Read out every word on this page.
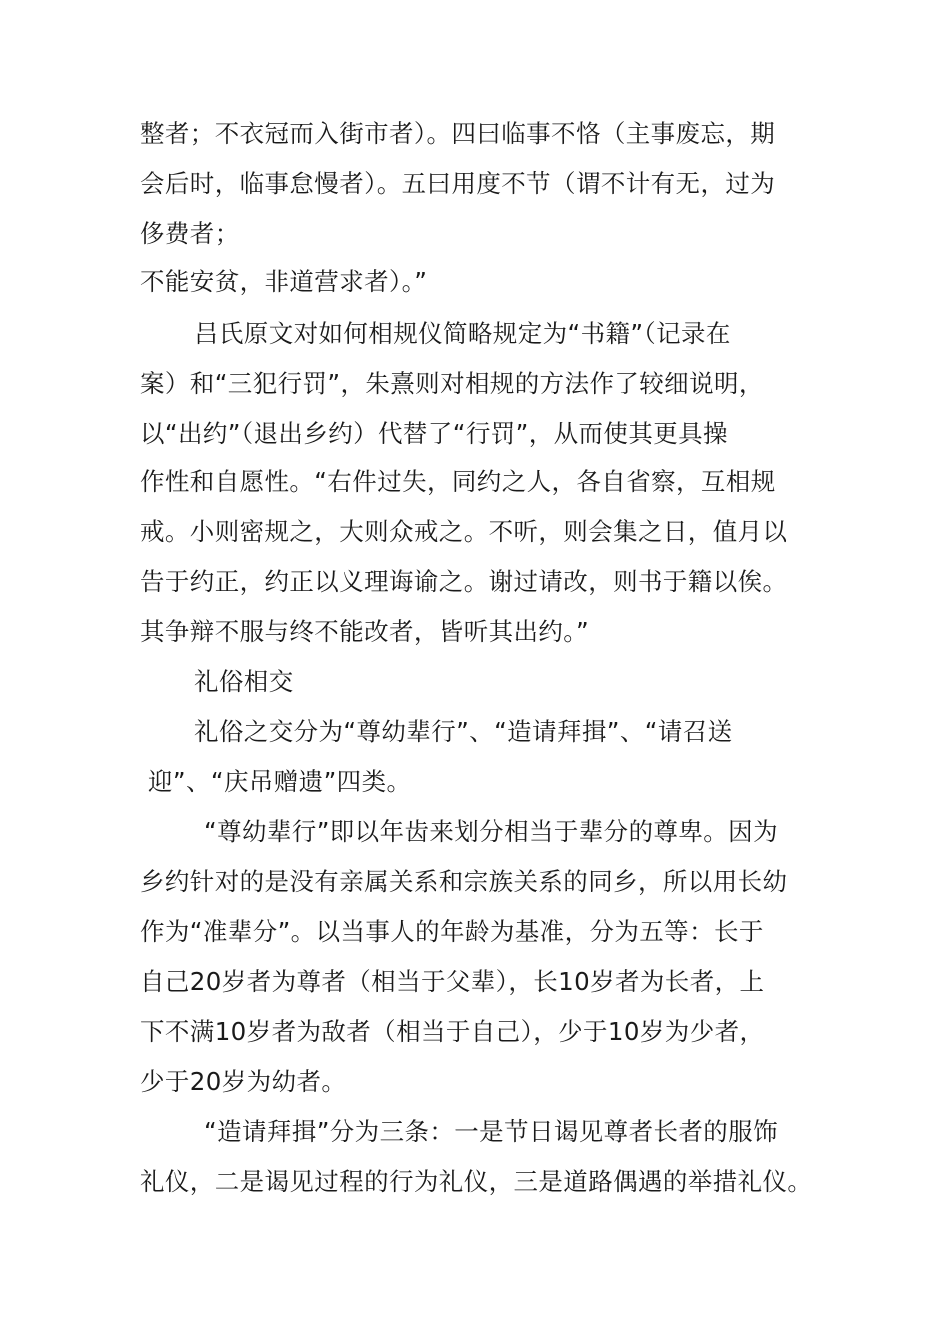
整者；不衣冠而入街市者）。四曰临事不恪（主事废忘，期
会后时，临事怠慢者）。五曰用度不节（谓不计有无，过为
侈费者；
不能安贫，非道营求者）。”
吕氏原文对如何相规仪简略规定为“书籍”（记录在
案）和“三犯行罚”，朱熹则对相规的方法作了较细说明，
以“出约”（退出乡约）代替了“行罚”，从而使其更具操
作性和自愿性。“右件过失，同约之人，各自省察，互相规
戒。小则密规之，大则众戒之。不听，则会集之日，值月以
告于约正，约正以义理诲谕之。谢过请改，则书于籍以俟。
其争辩不服与终不能改者，皆听其出约。”
礼俗相交
礼俗之交分为“尊幼辈行”、“造请拜揖”、“请召送
迎”、“庆吊赠遗”四类。
“尊幼辈行”即以年齿来划分相当于辈分的尊卑。因为
乡约针对的是没有亲属关系和宗族关系的同乡，所以用长幼
作为“准辈分”。以当事人的年龄为基准，分为五等：长于
自己20岁者为尊者（相当于父辈），长10岁者为长者，上
下不满10岁者为敌者（相当于自己），少于10岁为少者，
少于20岁为幼者。
“造请拜揖”分为三条：一是节日谒见尊者长者的服饰
礼仪，二是谒见过程的行为礼仪，三是道路偶遇的举措礼仪。
